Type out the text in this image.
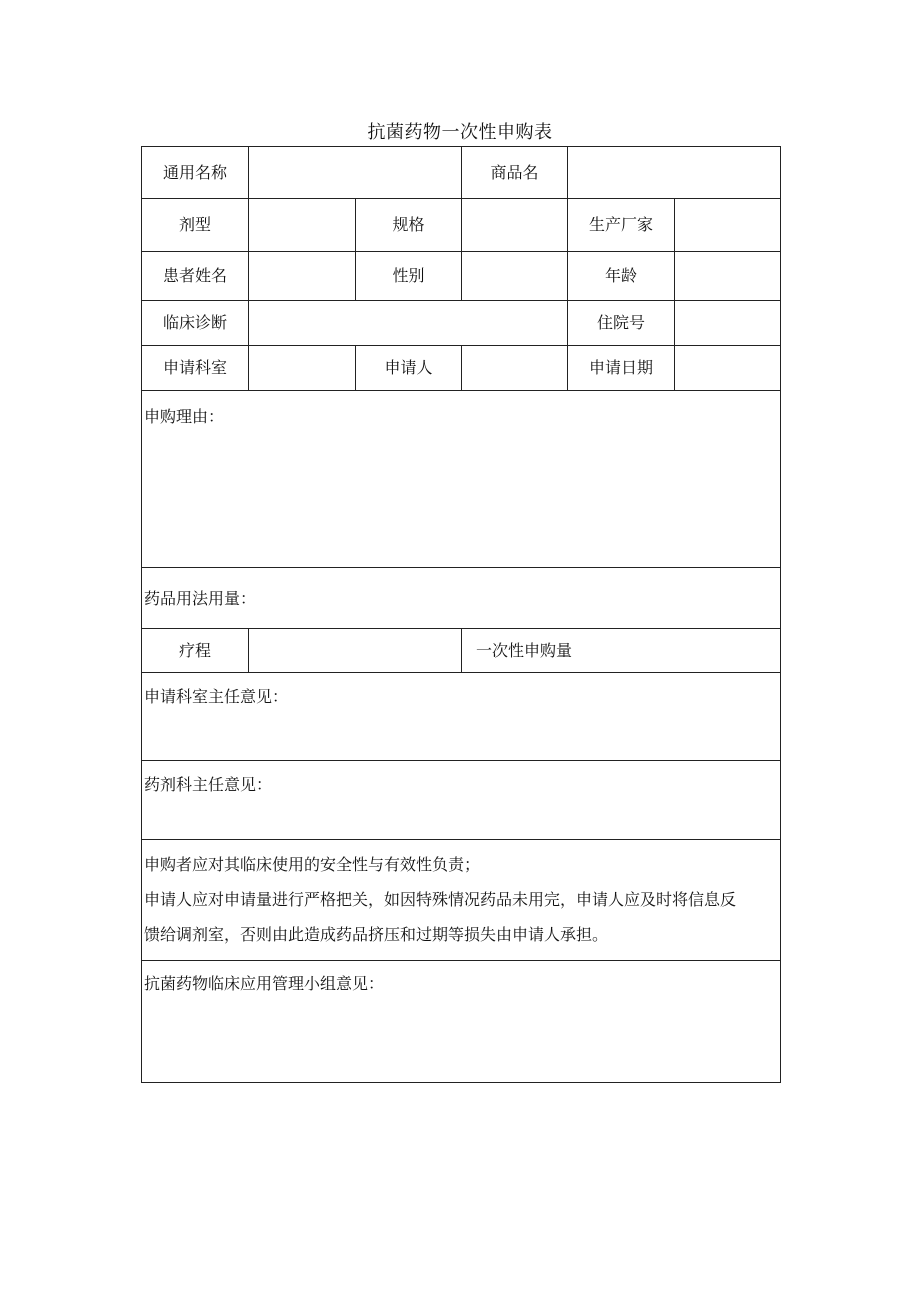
抗菌药物一次性申购表
通用名称	商品名
剂型	规格	生产厂家
患者姓名	性别	年龄
临床诊断	住院号
申请科室	申请人	申请日期
申购理由：
药品用法用量：
疗程	一次性申购量
申请科室主任意见：
药剂科主任意见：

申购者应对其临床使用的安全性与有效性负责；

申请人应对申请量进行严格把关，如因特殊情况药品未用完，申请人应及时将信息反

馈给调剂室，否则由此造成药品挤压和过期等损失由申请人承担。

抗菌药物临床应用管理小组意见：
